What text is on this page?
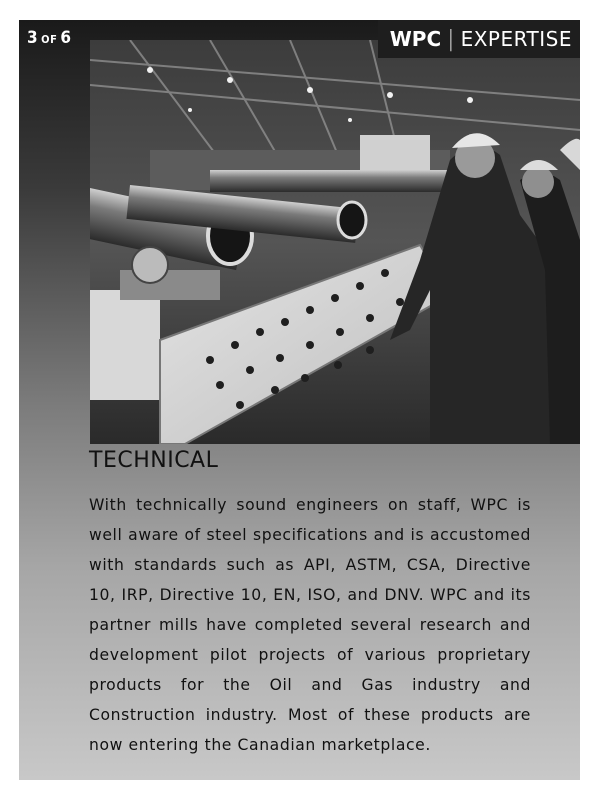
3 OF 6	WPC | EXPERTISE
TECHNICAL

With technically sound engineers on staff, WPC is well aware of steel specifications and is accustomed with standards such as API, ASTM, CSA, Directive 10, IRP, Directive 10, EN, ISO, and DNV. WPC and its partner mills have completed several research and development pilot projects of various proprietary products for the Oil and Gas industry and Construction industry. Most of these products are now entering the Canadian marketplace.
